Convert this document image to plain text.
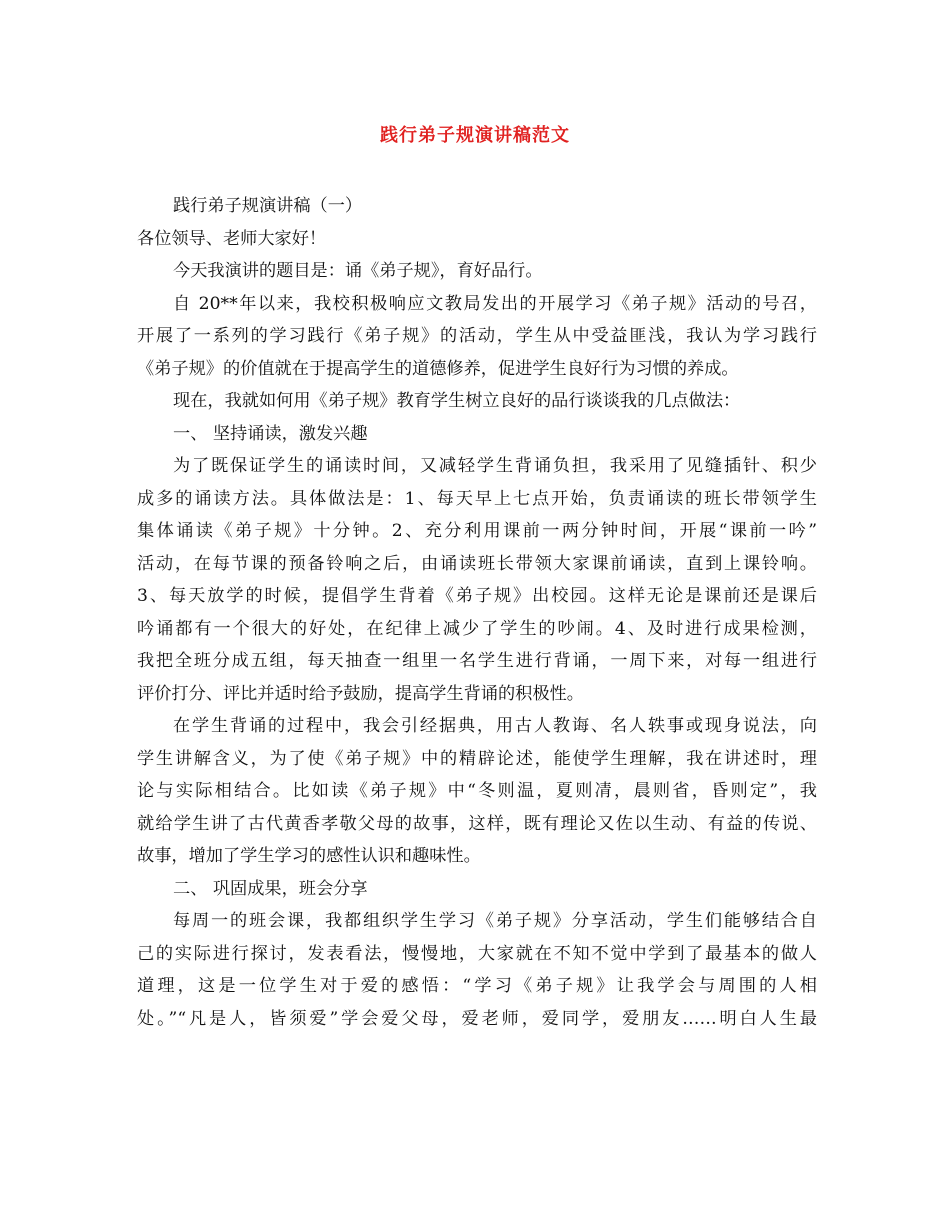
践行弟子规演讲稿范文
践行弟子规演讲稿（一）
各位领导、老师大家好！
今天我演讲的题目是：诵《弟子规》，育好品行。
自 20**年以来，我校积极响应文教局发出的开展学习《弟子规》活动的号召，
开展了一系列的学习践行《弟子规》的活动，学生从中受益匪浅，我认为学习践行
《弟子规》的价值就在于提高学生的道德修养，促进学生良好行为习惯的养成。
现在，我就如何用《弟子规》教育学生树立良好的品行谈谈我的几点做法：
一、 坚持诵读，激发兴趣
为了既保证学生的诵读时间，又减轻学生背诵负担，我采用了见缝插针、积少
成多的诵读方法。具体做法是：1、每天早上七点开始，负责诵读的班长带领学生
集体诵读《弟子规》十分钟。2、充分利用课前一两分钟时间，开展“课前一吟”
活动，在每节课的预备铃响之后，由诵读班长带领大家课前诵读，直到上课铃响。
3、每天放学的时候，提倡学生背着《弟子规》出校园。这样无论是课前还是课后
吟诵都有一个很大的好处，在纪律上减少了学生的吵闹。4、及时进行成果检测，
我把全班分成五组，每天抽查一组里一名学生进行背诵，一周下来，对每一组进行
评价打分、评比并适时给予鼓励，提高学生背诵的积极性。
在学生背诵的过程中，我会引经据典，用古人教诲、名人轶事或现身说法，向
学生讲解含义，为了使《弟子规》中的精辟论述，能使学生理解，我在讲述时，理
论与实际相结合。比如读《弟子规》中“冬则温，夏则凊，晨则省，昏则定”，我
就给学生讲了古代黄香孝敬父母的故事，这样，既有理论又佐以生动、有益的传说、
故事，增加了学生学习的感性认识和趣味性。
二、 巩固成果，班会分享
每周一的班会课，我都组织学生学习《弟子规》分享活动，学生们能够结合自
己的实际进行探讨，发表看法，慢慢地，大家就在不知不觉中学到了最基本的做人
道理，这是一位学生对于爱的感悟：“学习《弟子规》让我学会与周围的人相
处。”“凡是人，皆须爱”学会爱父母，爱老师，爱同学，爱朋友……明白人生最
